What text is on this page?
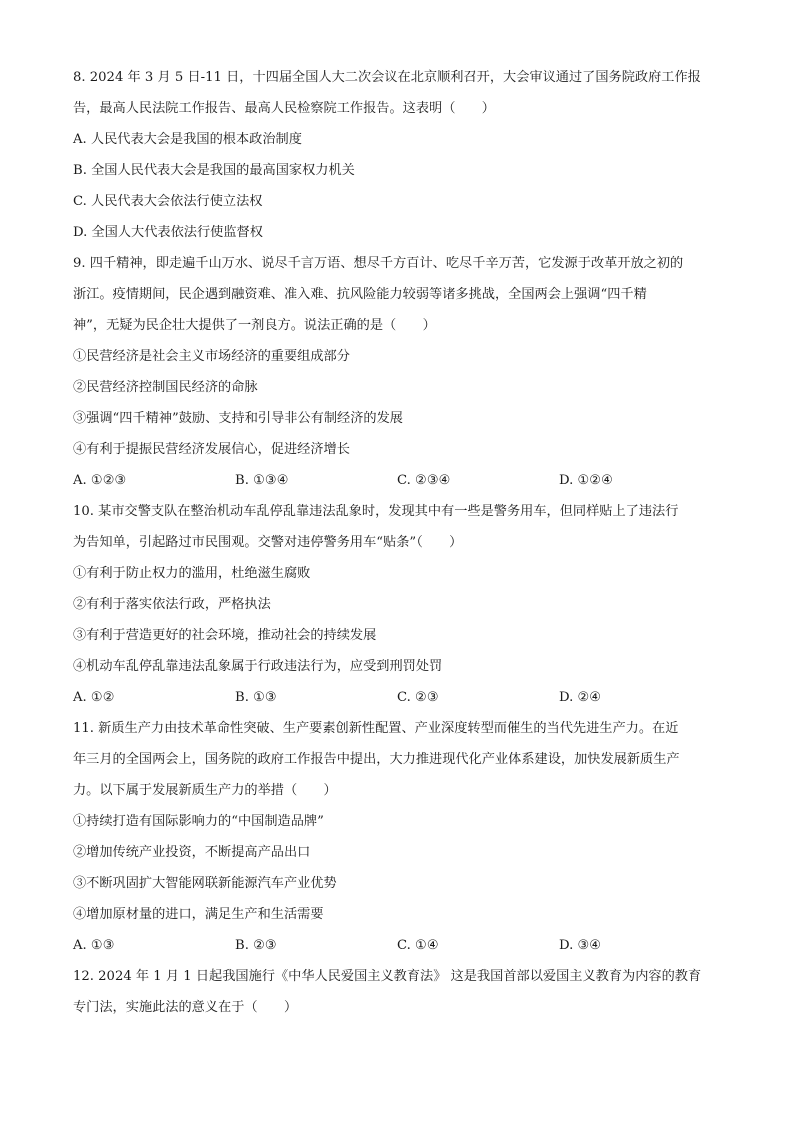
8. 2024 年 3 月 5 日-11 日，十四届全国人大二次会议在北京顺利召开，大会审议通过了国务院政府工作报
告，最高人民法院工作报告、最高人民检察院工作报告。这表明（　　）
A. 人民代表大会是我国的根本政治制度
B. 全国人民代表大会是我国的最高国家权力机关
C. 人民代表大会依法行使立法权
D. 全国人大代表依法行使监督权
9. 四千精神，即走遍千山万水、说尽千言万语、想尽千方百计、吃尽千辛万苦，它发源于改革开放之初的
浙江。疫情期间，民企遇到融资难、准入难、抗风险能力较弱等诸多挑战，全国两会上强调“四千精
神”，无疑为民企壮大提供了一剂良方。说法正确的是（　　）
①民营经济是社会主义市场经济的重要组成部分
②民营经济控制国民经济的命脉
③强调“四千精神”鼓励、支持和引导非公有制经济的发展
④有利于提振民营经济发展信心，促进经济增长
A. ①②③	B. ①③④	C. ②③④	D. ①②④
10. 某市交警支队在整治机动车乱停乱靠违法乱象时，发现其中有一些是警务用车，但同样贴上了违法行
为告知单，引起路过市民围观。交警对违停警务用车“贴条”（　　）
①有利于防止权力的滥用，杜绝滋生腐败
②有利于落实依法行政，严格执法
③有利于营造更好的社会环境，推动社会的持续发展
④机动车乱停乱靠违法乱象属于行政违法行为，应受到刑罚处罚
A. ①②	B. ①③	C. ②③	D. ②④
11. 新质生产力由技术革命性突破、生产要素创新性配置、产业深度转型而催生的当代先进生产力。在近
年三月的全国两会上，国务院的政府工作报告中提出，大力推进现代化产业体系建设，加快发展新质生产
力。以下属于发展新质生产力的举措（　　）
①持续打造有国际影响力的“中国制造品牌”
②增加传统产业投资，不断提高产品出口
③不断巩固扩大智能网联新能源汽车产业优势
④增加原材量的进口，满足生产和生活需要
A. ①③	B. ②③	C. ①④	D. ③④
12. 2024 年 1 月 1 日起我国施行《中华人民爱国主义教育法》 这是我国首部以爱国主义教育为内容的教育
专门法，实施此法的意义在于（　　）
